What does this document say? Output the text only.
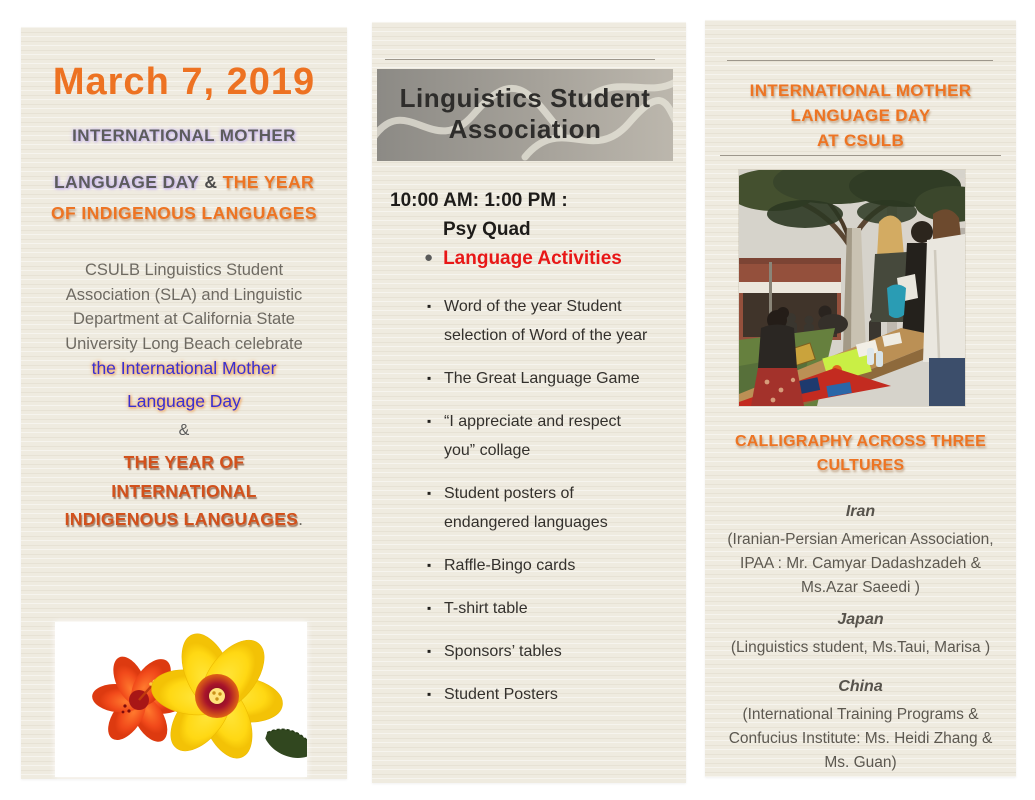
March 7, 2019
INTERNATIONAL MOTHER
LANGUAGE DAY & THE YEAR
OF INDIGENOUS LANGUAGES
CSULB Linguistics Student
Association (SLA) and Linguistic
Department at California State
University Long Beach celebrate
the International Mother
Language Day
&
THE YEAR OF
INTERNATIONAL
INDIGENOUS LANGUAGES.
Linguistics Student
Association
10:00 AM: 1:00 PM :
Psy Quad
● Language Activities
▪ Word of the year Student selection of Word of the year
▪ The Great Language Game
▪ “I appreciate and respect you” collage
▪ Student posters of endangered languages
▪ Raffle-Bingo cards
▪ T-shirt table
▪ Sponsors’ tables
▪ Student Posters
INTERNATIONAL MOTHER
LANGUAGE DAY
AT CSULB
CALLIGRAPHY ACROSS THREE
CULTURES
Iran
(Iranian-Persian American Association,
IPAA : Mr. Camyar Dadashzadeh &
Ms.Azar Saeedi )
Japan
(Linguistics student, Ms.Taui, Marisa )
China
(International Training Programs &
Confucius Institute: Ms. Heidi Zhang &
Ms. Guan)
